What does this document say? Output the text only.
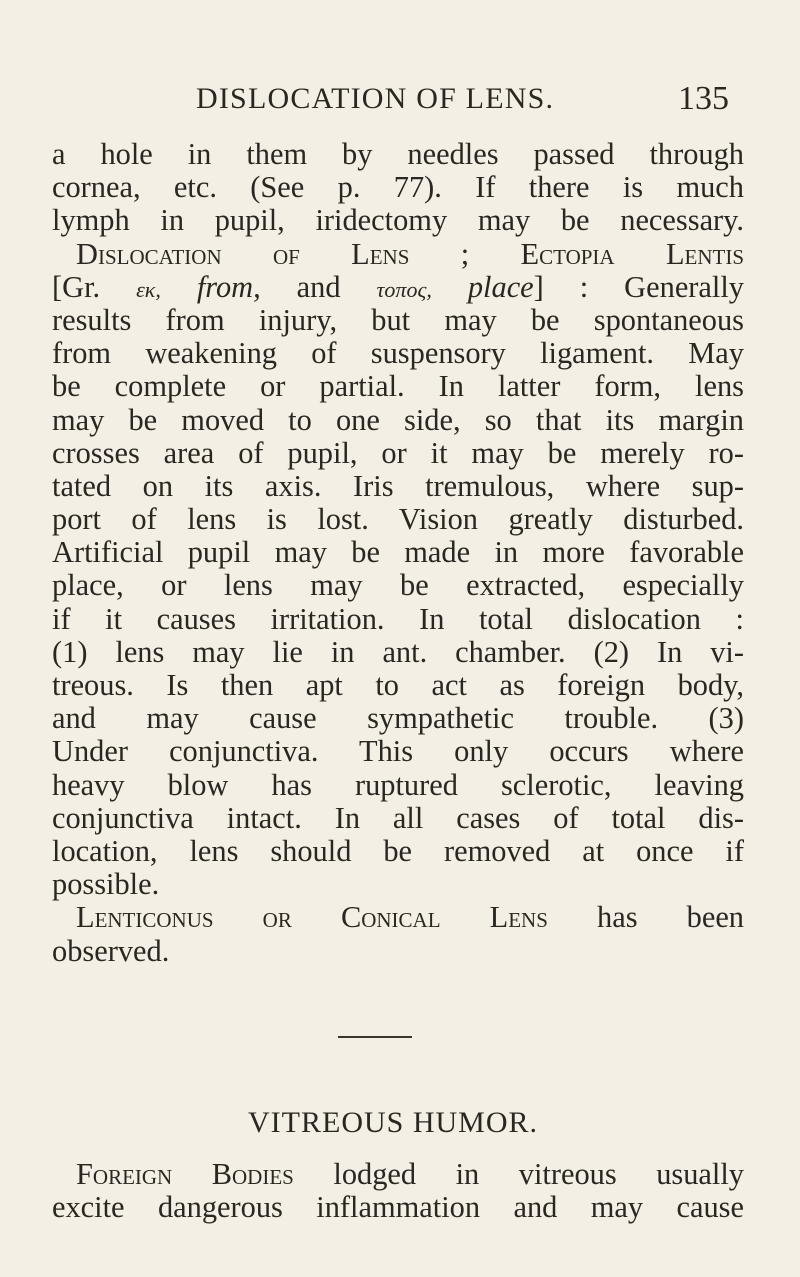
DISLOCATION OF LENS.	135
a hole in them by needles passed through
cornea, etc. (See p. 77). If there is much
lymph in pupil, iridectomy may be necessary.
Dislocation of Lens ; Ectopia Lentis
[Gr. εκ, from, and τοπος, place] : Generally
results from injury, but may be spontaneous
from weakening of suspensory ligament. May
be complete or partial. In latter form, lens
may be moved to one side, so that its margin
crosses area of pupil, or it may be merely ro-
tated on its axis. Iris tremulous, where sup-
port of lens is lost. Vision greatly disturbed.
Artificial pupil may be made in more favorable
place, or lens may be extracted, especially
if it causes irritation. In total dislocation :
(1) lens may lie in ant. chamber. (2) In vi-
treous. Is then apt to act as foreign body,
and may cause sympathetic trouble. (3)
Under conjunctiva. This only occurs where
heavy blow has ruptured sclerotic, leaving
conjunctiva intact. In all cases of total dis-
location, lens should be removed at once if
possible.
Lenticonus or Conical Lens has been
observed.
VITREOUS HUMOR.
Foreign Bodies lodged in vitreous usually
excite dangerous inflammation and may cause
